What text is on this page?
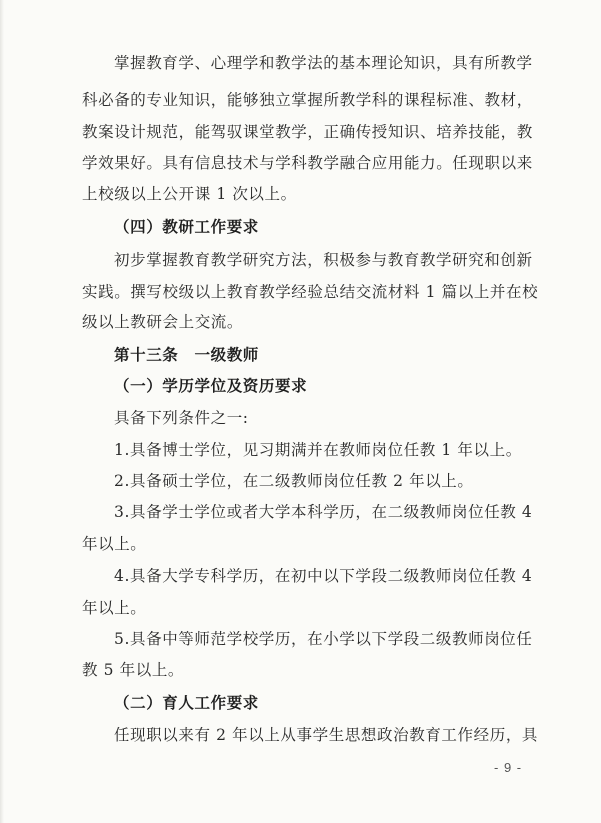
掌握教育学、心理学和教学法的基本理论知识，具有所教学
科必备的专业知识，能够独立掌握所教学科的课程标准、教材，
教案设计规范，能驾驭课堂教学，正确传授知识、培养技能，教
学效果好。具有信息技术与学科教学融合应用能力。任现职以来
上校级以上公开课 1 次以上。
（四）教研工作要求
初步掌握教育教学研究方法，积极参与教育教学研究和创新
实践。撰写校级以上教育教学经验总结交流材料 1 篇以上并在校
级以上教研会上交流。
第十三条　一级教师
（一）学历学位及资历要求
具备下列条件之一:
1.具备博士学位，见习期满并在教师岗位任教 1 年以上。
2.具备硕士学位，在二级教师岗位任教 2 年以上。
3.具备学士学位或者大学本科学历，在二级教师岗位任教 4
年以上。
4.具备大学专科学历，在初中以下学段二级教师岗位任教 4
年以上。
5.具备中等师范学校学历，在小学以下学段二级教师岗位任
教 5 年以上。
（二）育人工作要求
任现职以来有 2 年以上从事学生思想政治教育工作经历，具
- 9 -
